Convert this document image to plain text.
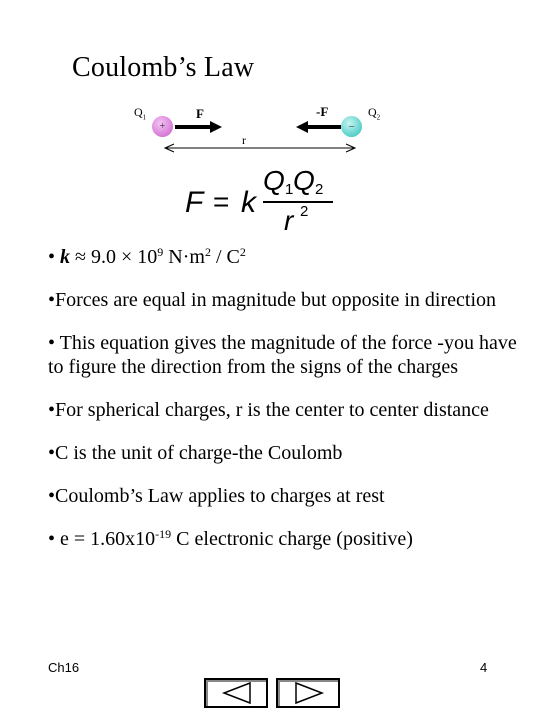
Coulomb’s Law
$Q_1$	$Q_2$
F	-F
r
+	–
F = k
Q 1 Q 2
r 2
• $k \approx 9.0 \times 10^9$ $N\cdot m^2 / C^2$
•Forces are equal in magnitude but opposite in direction
• This equation gives the magnitude of the force -you have to figure the direction from the signs of the charges
•For spherical charges, r is the center to center distance
•C is the unit of charge-the Coulomb
•Coulomb’s Law applies to charges at rest
• $e = 1.60x10^{-19}$ C electronic charge (positive)
Ch16	4
